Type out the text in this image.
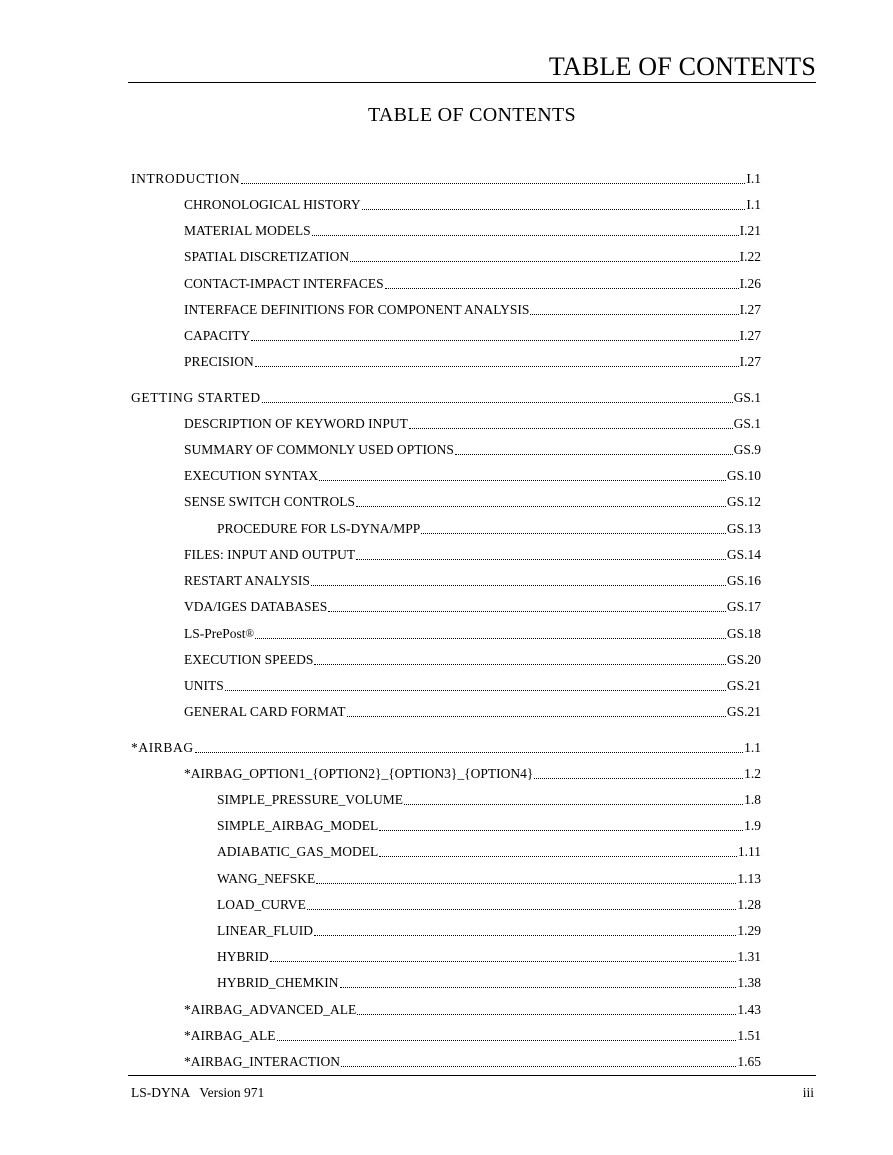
TABLE OF CONTENTS
TABLE OF CONTENTS
INTRODUCTION	I.1
CHRONOLOGICAL HISTORY	I.1
MATERIAL MODELS	I.21
SPATIAL DISCRETIZATION	I.22
CONTACT-IMPACT INTERFACES	I.26
INTERFACE DEFINITIONS FOR COMPONENT ANALYSIS	I.27
CAPACITY	I.27
PRECISION	I.27
GETTING STARTED	GS.1
DESCRIPTION OF KEYWORD INPUT	GS.1
SUMMARY OF COMMONLY USED OPTIONS	GS.9
EXECUTION SYNTAX	GS.10
SENSE SWITCH CONTROLS	GS.12
PROCEDURE FOR LS-DYNA/MPP	GS.13
FILES: INPUT AND OUTPUT	GS.14
RESTART ANALYSIS	GS.16
VDA/IGES DATABASES	GS.17
LS-PrePost ®	GS.18
EXECUTION SPEEDS	GS.20
UNITS	GS.21
GENERAL CARD FORMAT	GS.21
*AIRBAG	1.1
*AIRBAG_OPTION1_{OPTION2}_{OPTION3}_{OPTION4}	1.2
SIMPLE_PRESSURE_VOLUME	1.8
SIMPLE_AIRBAG_MODEL	1.9
ADIABATIC_GAS_MODEL	1.11
WANG_NEFSKE	1.13
LOAD_CURVE	1.28
LINEAR_FLUID	1.29
HYBRID	1.31
HYBRID_CHEMKIN	1.38
*AIRBAG_ADVANCED_ALE	1.43
*AIRBAG_ALE	1.51
*AIRBAG_INTERACTION	1.65
LS-DYNA   Version 971	iii
